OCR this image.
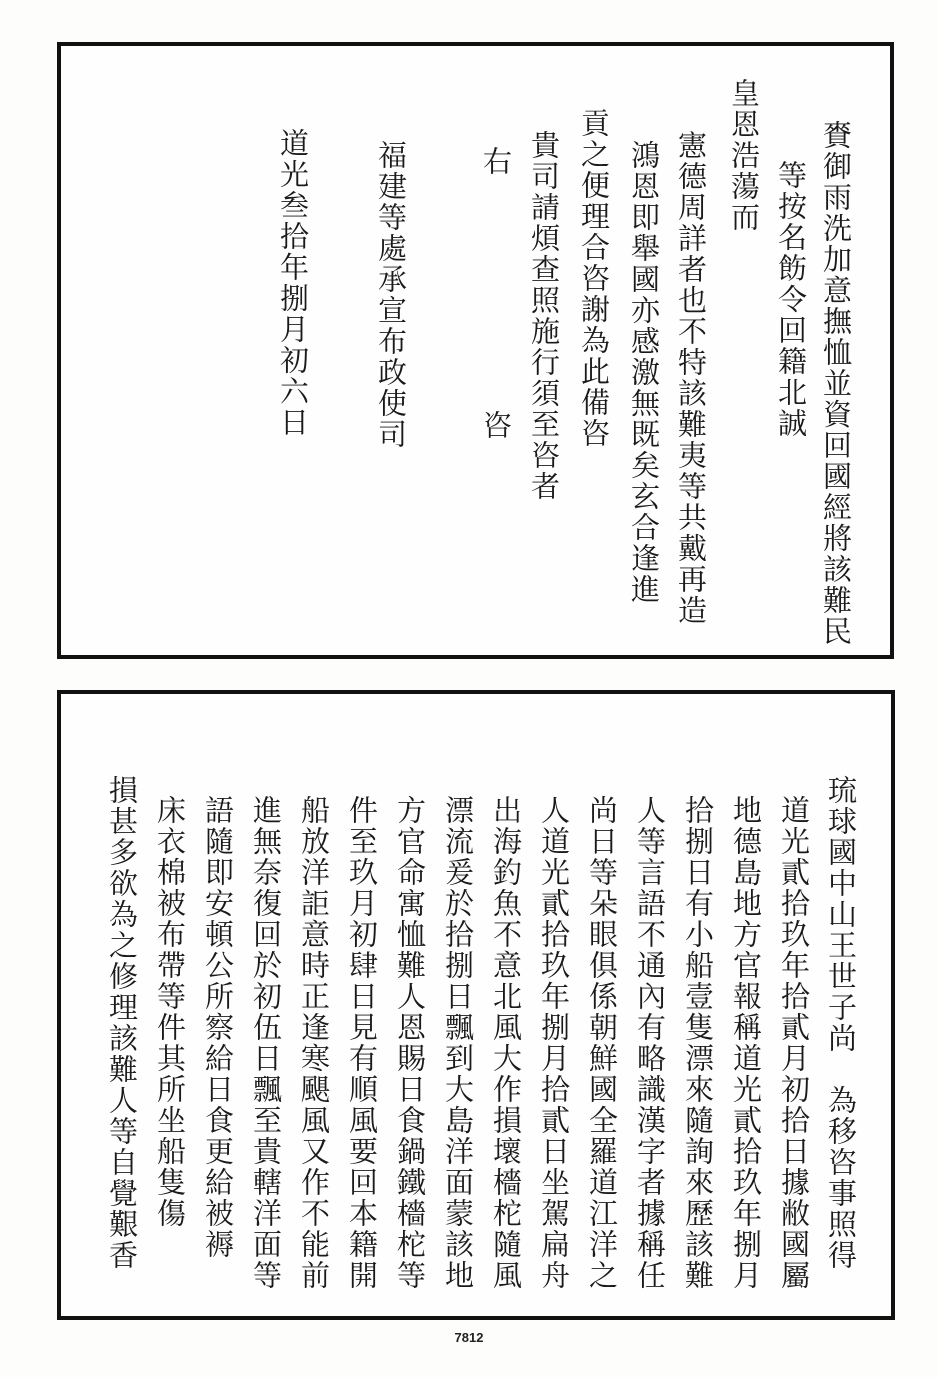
賚御雨洗加意撫恤並資回國經將該難民
等按名飭令回籍北誠
皇恩浩蕩而
憲德周詳者也不特該難夷等共戴再造
鴻恩即舉國亦感激無既矣玄合逢進
貢之便理合咨謝為此備咨
貴司請煩查照施行須至咨者
右
咨
福建等處承宣布政使司
道光叁拾年捌月初六日
琉球國中山王世子尚　為移咨事照得
道光貳拾玖年拾貳月初拾日據敝國屬
地德島地方官報稱道光貳拾玖年捌月
拾捌日有小船壹隻漂來隨詢來歷該難
人等言語不通內有略識漢字者據稱任
尚日等朵眼俱係朝鮮國全羅道江洋之
人道光貳拾玖年捌月拾貳日坐駕扁舟
出海釣魚不意北風大作損壞檣柁隨風
漂流爰於拾捌日飄到大島洋面蒙該地
方官命寓恤難人恩賜日食鍋鐵檣柁等
件至玖月初肆日見有順風要回本籍開
船放洋詎意時正逢寒颶風又作不能前
進無奈復回於初伍日飄至貴轄洋面等
語隨即安頓公所察給日食更給被褥
床衣棉被布帶等件其所坐船隻傷
損甚多欲為之修理該難人等自覺艱香
7812
